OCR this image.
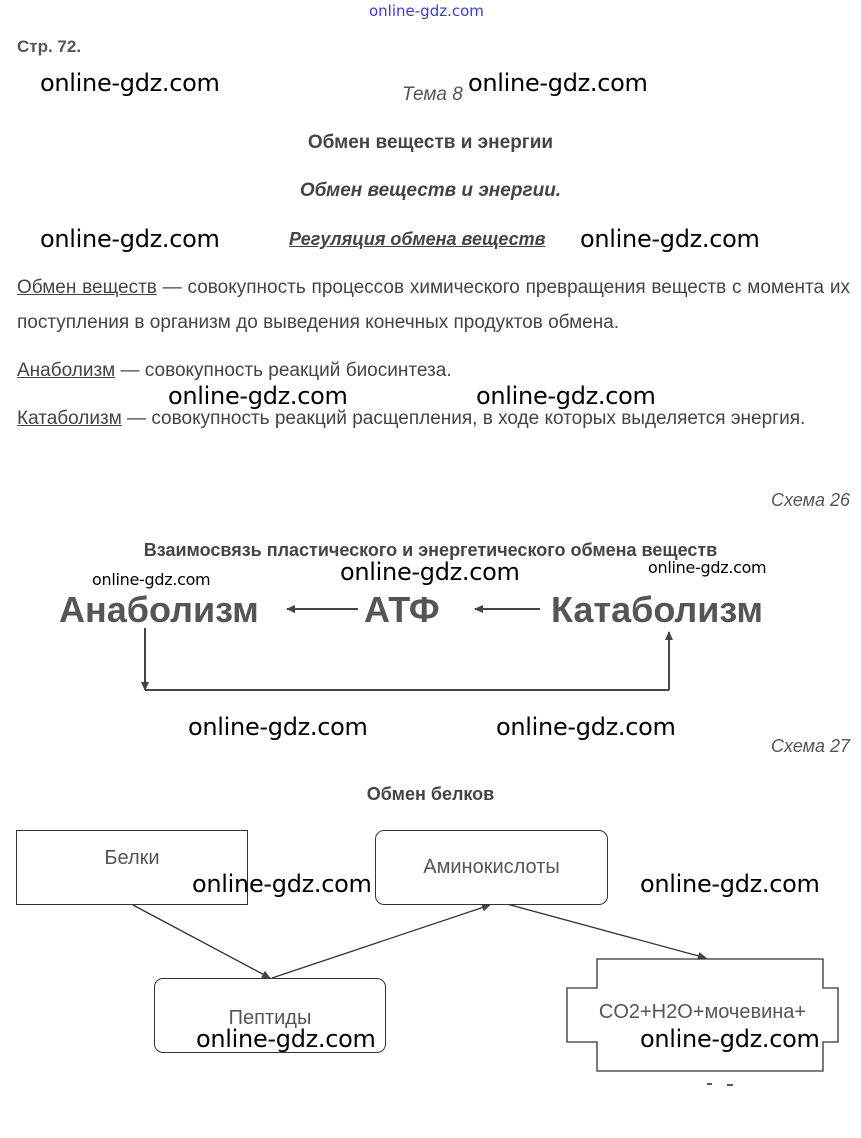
online-gdz.com
Стр. 72.
Тема 8
Обмен веществ и энергии
Обмен веществ и энергии.
Регуляция обмена веществ
Обмен веществ — совокупность процессов химического превращения веществ с момента их поступления в организм до выведения конечных продуктов обмена.
Анаболизм — совокупность реакций биосинтеза.
Катаболизм — совокупность реакций расщепления, в ходе которых выделяется энергия.
Схема 26
Взаимосвязь пластического и энергетического обмена веществ
Анаболизм	АТФ	Катаболизм
Схема 27
Обмен белков
Белки	Аминокислоты
Пептиды	CO2+H2O+мочевина+
online-gdz.com	online-gdz.com
online-gdz.com	online-gdz.com
online-gdz.com	online-gdz.com
online-gdz.com	online-gdz.com	online-gdz.com
online-gdz.com	online-gdz.com
online-gdz.com	online-gdz.com
online-gdz.com	online-gdz.com
